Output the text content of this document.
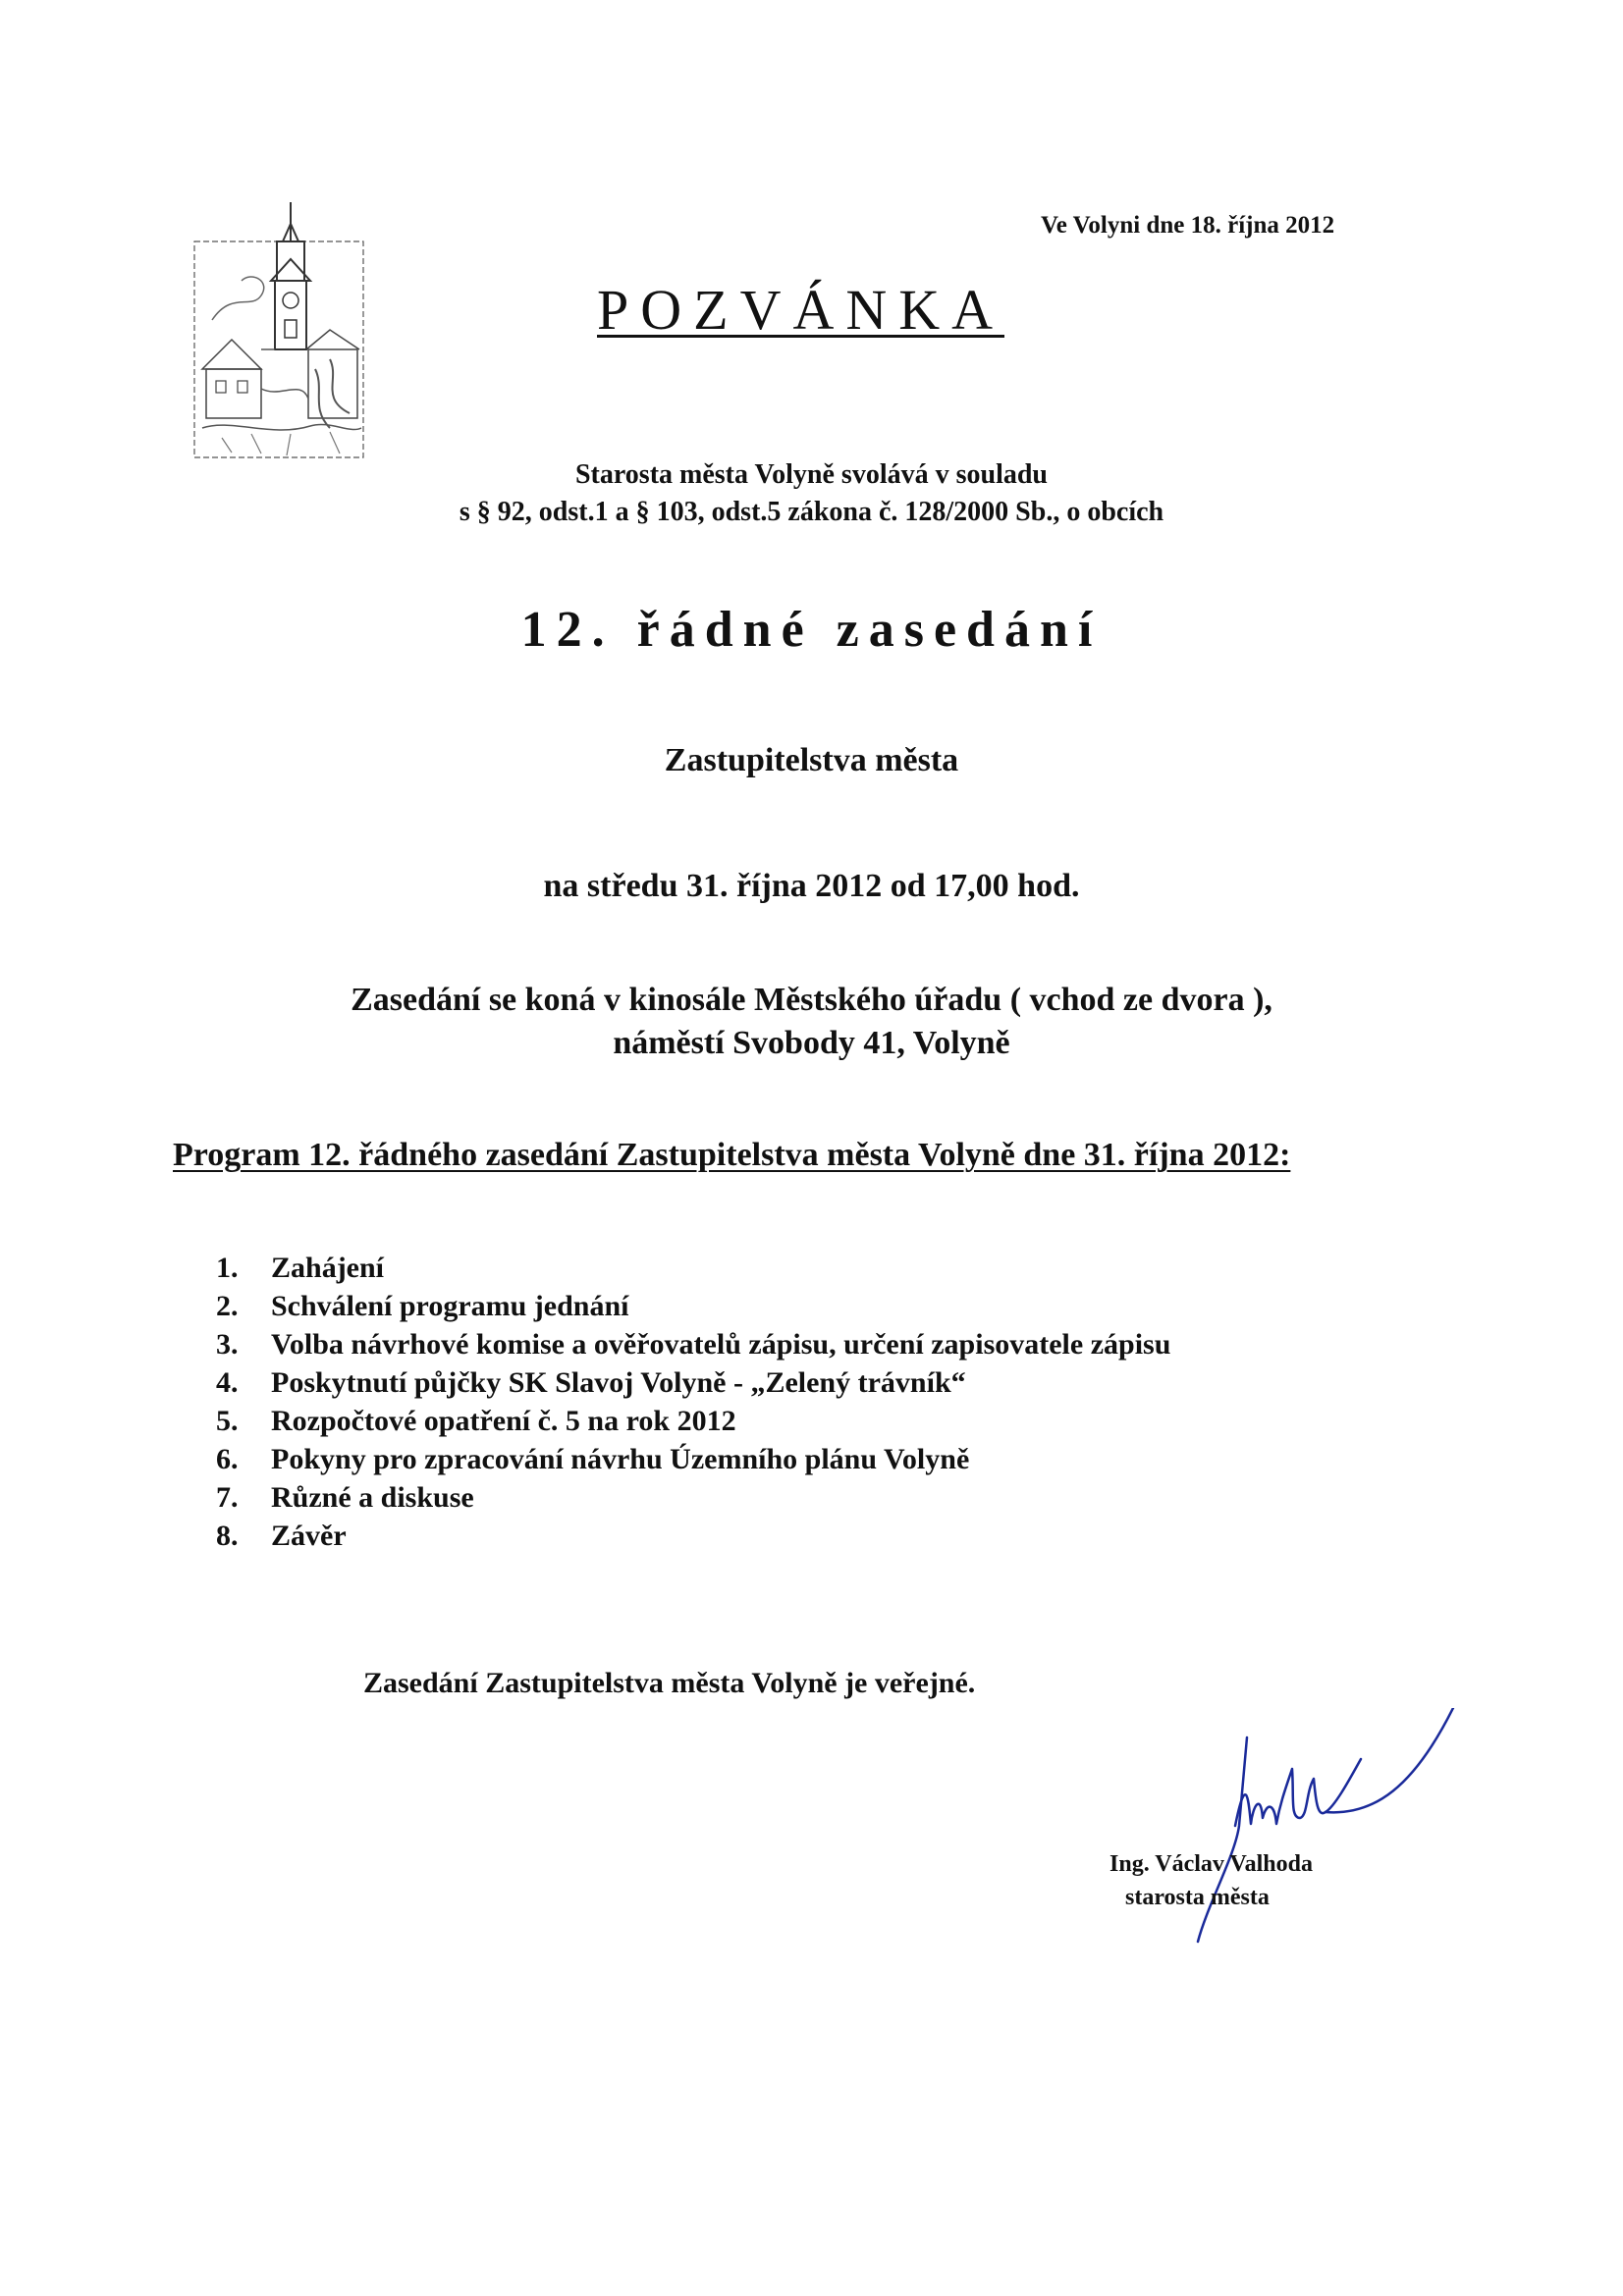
Ve Volyni dne 18. října 2012
POZVÁNKA
Starosta města Volyně svolává v souladu
s § 92, odst.1 a § 103, odst.5 zákona č. 128/2000 Sb., o obcích
12. řádné zasedání
Zastupitelstva města
na středu 31. října 2012 od 17,00 hod.
Zasedání se koná v kinosále Městského úřadu ( vchod ze dvora ),
náměstí Svobody 41, Volyně
Program 12. řádného zasedání Zastupitelstva města Volyně dne 31. října 2012:
1. Zahájení
2. Schválení programu jednání
3. Volba návrhové komise a ověřovatelů zápisu, určení zapisovatele zápisu
4. Poskytnutí půjčky SK Slavoj Volyně - „Zelený trávník“
5. Rozpočtové opatření č. 5 na rok 2012
6. Pokyny pro zpracování návrhu Územního plánu Volyně
7. Různé a diskuse
8. Závěr
Zasedání Zastupitelstva města Volyně je veřejné.
Ing. Václav Valhoda
starosta města
